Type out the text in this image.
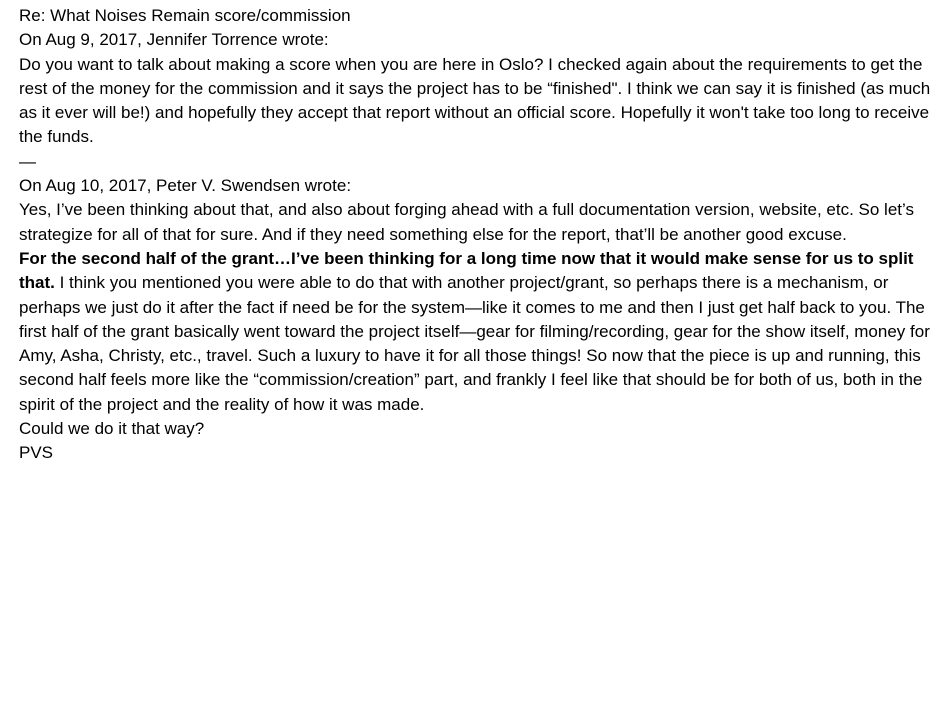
Re: What Noises Remain score/commission

On Aug 9, 2017, Jennifer Torrence wrote:

Do you want to talk about making a score when you are here in Oslo? I checked again about the requirements to get the rest of the money for the commission and it says the project has to be “finished". I think we can say it is finished (as much as it ever will be!) and hopefully they accept that report without an official score. Hopefully it won't take too long to receive the funds.

—
On Aug 10, 2017, Peter V. Swendsen wrote:

Yes, I’ve been thinking about that, and also about forging ahead with a full documentation version, website, etc. So let’s strategize for all of that for sure. And if they need something else for the report, that’ll be another good excuse.

For the second half of the grant…I’ve been thinking for a long time now that it would make sense for us to split that. I think you mentioned you were able to do that with another project/grant, so perhaps there is a mechanism, or perhaps we just do it after the fact if need be for the system—like it comes to me and then I just get half back to you. The first half of the grant basically went toward the project itself—gear for filming/recording, gear for the show itself, money for Amy, Asha, Christy, etc., travel. Such a luxury to have it for all those things! So now that the piece is up and running, this second half feels more like the “commission/creation” part, and frankly I feel like that should be for both of us, both in the spirit of the project and the reality of how it was made.

Could we do it that way?

PVS
